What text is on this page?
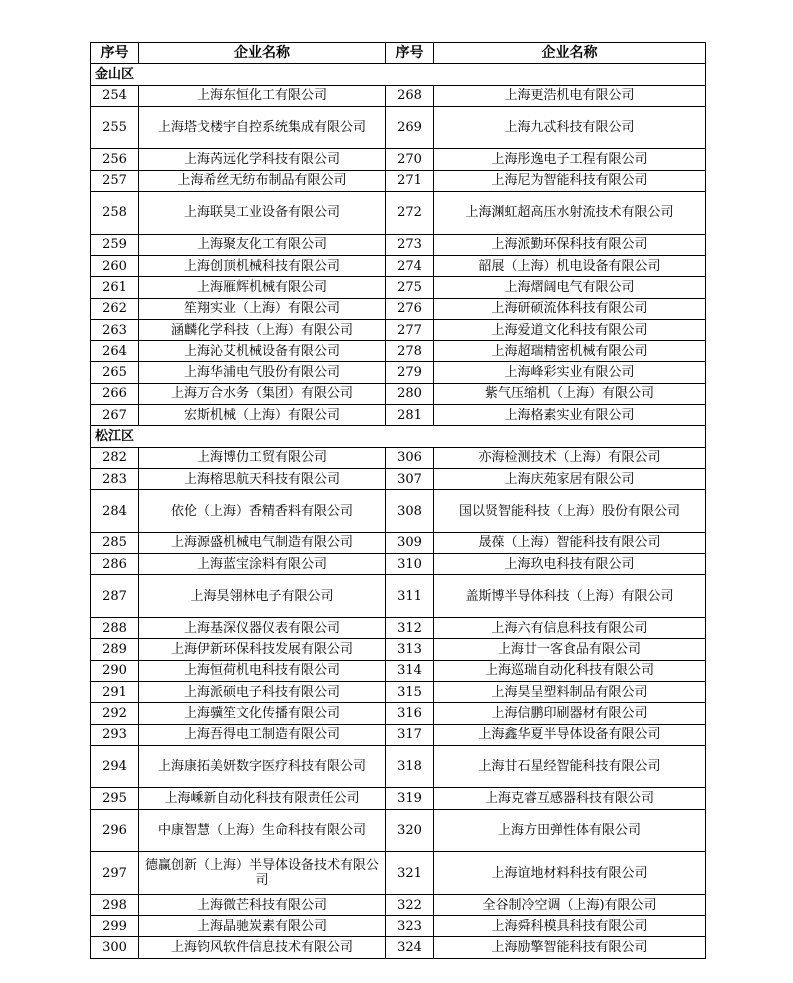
序号	企业名称	序号	企业名称
金山区			
254	上海东恒化工有限公司	268	上海更浩机电有限公司
255	上海塔戈楼宇自控系统集成有限公司	269	上海九忒科技有限公司
256	上海芮远化学科技有限公司	270	上海彤逸电子工程有限公司
257	上海希丝无纺布制品有限公司	271	上海尼为智能科技有限公司
258	上海联昊工业设备有限公司	272	上海渊虹超高压水射流技术有限公司
259	上海聚友化工有限公司	273	上海派勤环保科技有限公司
260	上海创顶机械科技有限公司	274	韶展（上海）机电设备有限公司
261	上海雁辉机械有限公司	275	上海熠阔电气有限公司
262	笙翔实业（上海）有限公司	276	上海研硕流体科技有限公司
263	涵麟化学科技（上海）有限公司	277	上海爱道文化科技有限公司
264	上海沁艾机械设备有限公司	278	上海超瑞精密机械有限公司
265	上海华浦电气股份有限公司	279	上海峰彩实业有限公司
266	上海万合水务（集团）有限公司	280	紫气压缩机（上海）有限公司
267	宏斯机械（上海）有限公司	281	上海格素实业有限公司
松江区			
282	上海博仂工贸有限公司	306	亦海检测技术（上海）有限公司
283	上海榕思航天科技有限公司	307	上海庆苑家居有限公司
284	依伦（上海）香精香料有限公司	308	国以贤智能科技（上海）股份有限公司
285	上海源盛机械电气制造有限公司	309	晟葆（上海）智能科技有限公司
286	上海蓝宝涂料有限公司	310	上海玖电科技有限公司
287	上海昊翎林电子有限公司	311	盖斯博半导体科技（上海）有限公司
288	上海基深仪器仪表有限公司	312	上海六有信息科技有限公司
289	上海伊新环保科技发展有限公司	313	上海廿一客食品有限公司
290	上海恒荷机电科技有限公司	314	上海巡瑞自动化科技有限公司
291	上海派硕电子科技有限公司	315	上海昊呈塑料制品有限公司
292	上海骥笙文化传播有限公司	316	上海信鹏印刷器材有限公司
293	上海吾得电工制造有限公司	317	上海鑫华夏半导体设备有限公司
294	上海康拓美妍数字医疗科技有限公司	318	上海甘石星经智能科技有限公司
295	上海嵊新自动化科技有限责任公司	319	上海克睿互感器科技有限公司
296	中康智慧（上海）生命科技有限公司	320	上海方田弹性体有限公司
297	德赢创新（上海）半导体设备技术有限公司	321	上海谊地材料科技有限公司
298	上海微芒科技有限公司	322	全谷制冷空调（上海)有限公司
299	上海晶驰炭素有限公司	323	上海舜科模具科技有限公司
300	上海钧风软件信息技术有限公司	324	上海励擎智能科技有限公司
